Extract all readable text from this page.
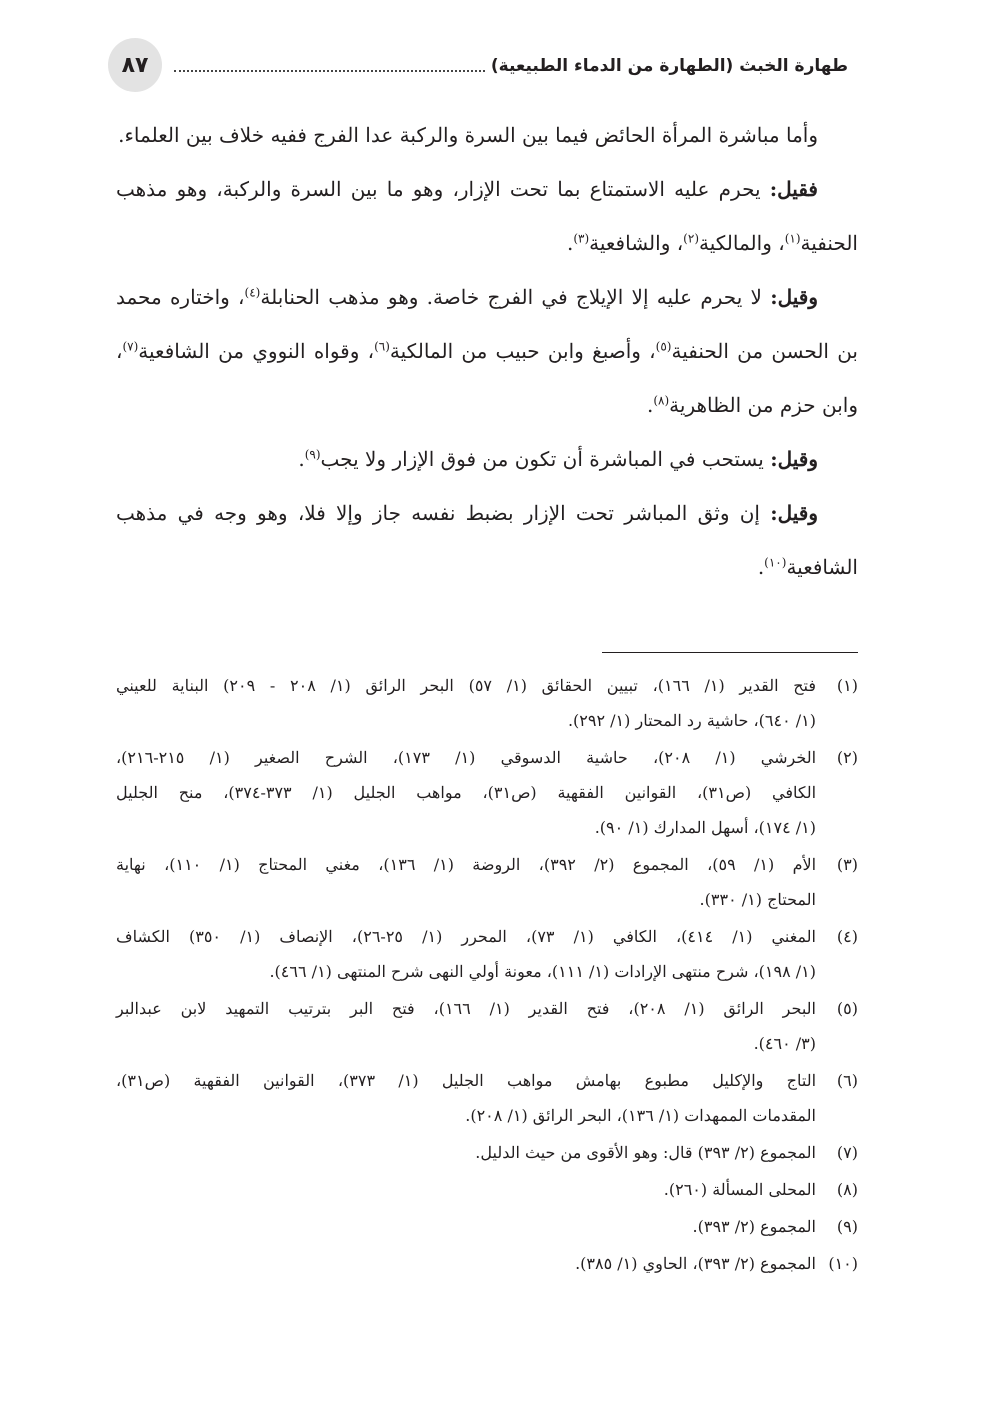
٨٧	طهارة الخبث (الطهارة من الدماء الطبيعية)

وأما مباشرة المرأة الحائض فيما بين السرة والركبة عدا الفرج ففيه خلاف بين العلماء.

فقيل: يحرم عليه الاستمتاع بما تحت الإزار، وهو ما بين السرة والركبة، وهو مذهب الحنفية$^{(١)}$، والمالكية$^{(٢)}$، والشافعية$^{(٣)}$.

وقيل: لا يحرم عليه إلا الإيلاج في الفرج خاصة. وهو مذهب الحنابلة$^{(٤)}$، واختاره محمد بن الحسن من الحنفية$^{(٥)}$، وأصبغ وابن حبيب من المالكية$^{(٦)}$، وقواه النووي من الشافعية$^{(٧)}$، وابن حزم من الظاهرية$^{(٨)}$.

وقيل: يستحب في المباشرة أن تكون من فوق الإزار ولا يجب$^{(٩)}$.

وقيل: إن وثق المباشر تحت الإزار بضبط نفسه جاز وإلا فلا، وهو وجه في مذهب الشافعية$^{(١٠)}$.

(١)
فتح القدير (١/ ١٦٦)، تبيين الحقائق (١/ ٥٧) البحر الرائق (١/ ٢٠٨ - ٢٠٩) البناية للعيني
(١/ ٦٤٠)، حاشية رد المحتار (١/ ٢٩٢).
(٢)
الخرشي (١/ ٢٠٨)، حاشية الدسوقي (١/ ١٧٣)، الشرح الصغير (١/ ٢١٥-٢١٦)،
الكافي (ص٣١)، القوانين الفقهية (ص٣١)، مواهب الجليل (١/ ٣٧٣-٣٧٤)، منح الجليل
(١/ ١٧٤)، أسهل المدارك (١/ ٩٠).
(٣)
الأم (١/ ٥٩)، المجموع (٢/ ٣٩٢)، الروضة (١/ ١٣٦)، مغني المحتاج (١/ ١١٠)، نهاية
المحتاج (١/ ٣٣٠).
(٤)
المغني (١/ ٤١٤)، الكافي (١/ ٧٣)، المحرر (١/ ٢٥-٢٦)، الإنصاف (١/ ٣٥٠) الكشاف
(١/ ١٩٨)، شرح منتهى الإرادات (١/ ١١١)، معونة أولي النهى شرح المنتهى (١/ ٤٦٦).
(٥)
البحر الرائق (١/ ٢٠٨)، فتح القدير (١/ ١٦٦)، فتح البر بترتيب التمهيد لابن عبدالبر
(٣/ ٤٦٠).
(٦)
التاج والإكليل مطبوع بهامش مواهب الجليل (١/ ٣٧٣)، القوانين الفقهية (ص٣١)،
المقدمات الممهدات (١/ ١٣٦)، البحر الرائق (١/ ٢٠٨).
(٧)
المجموع (٢/ ٣٩٣) قال: وهو الأقوى من حيث الدليل.
(٨)
المحلى المسألة (٢٦٠).
(٩)
المجموع (٢/ ٣٩٣).
(١٠)
المجموع (٢/ ٣٩٣)، الحاوي (١/ ٣٨٥).
